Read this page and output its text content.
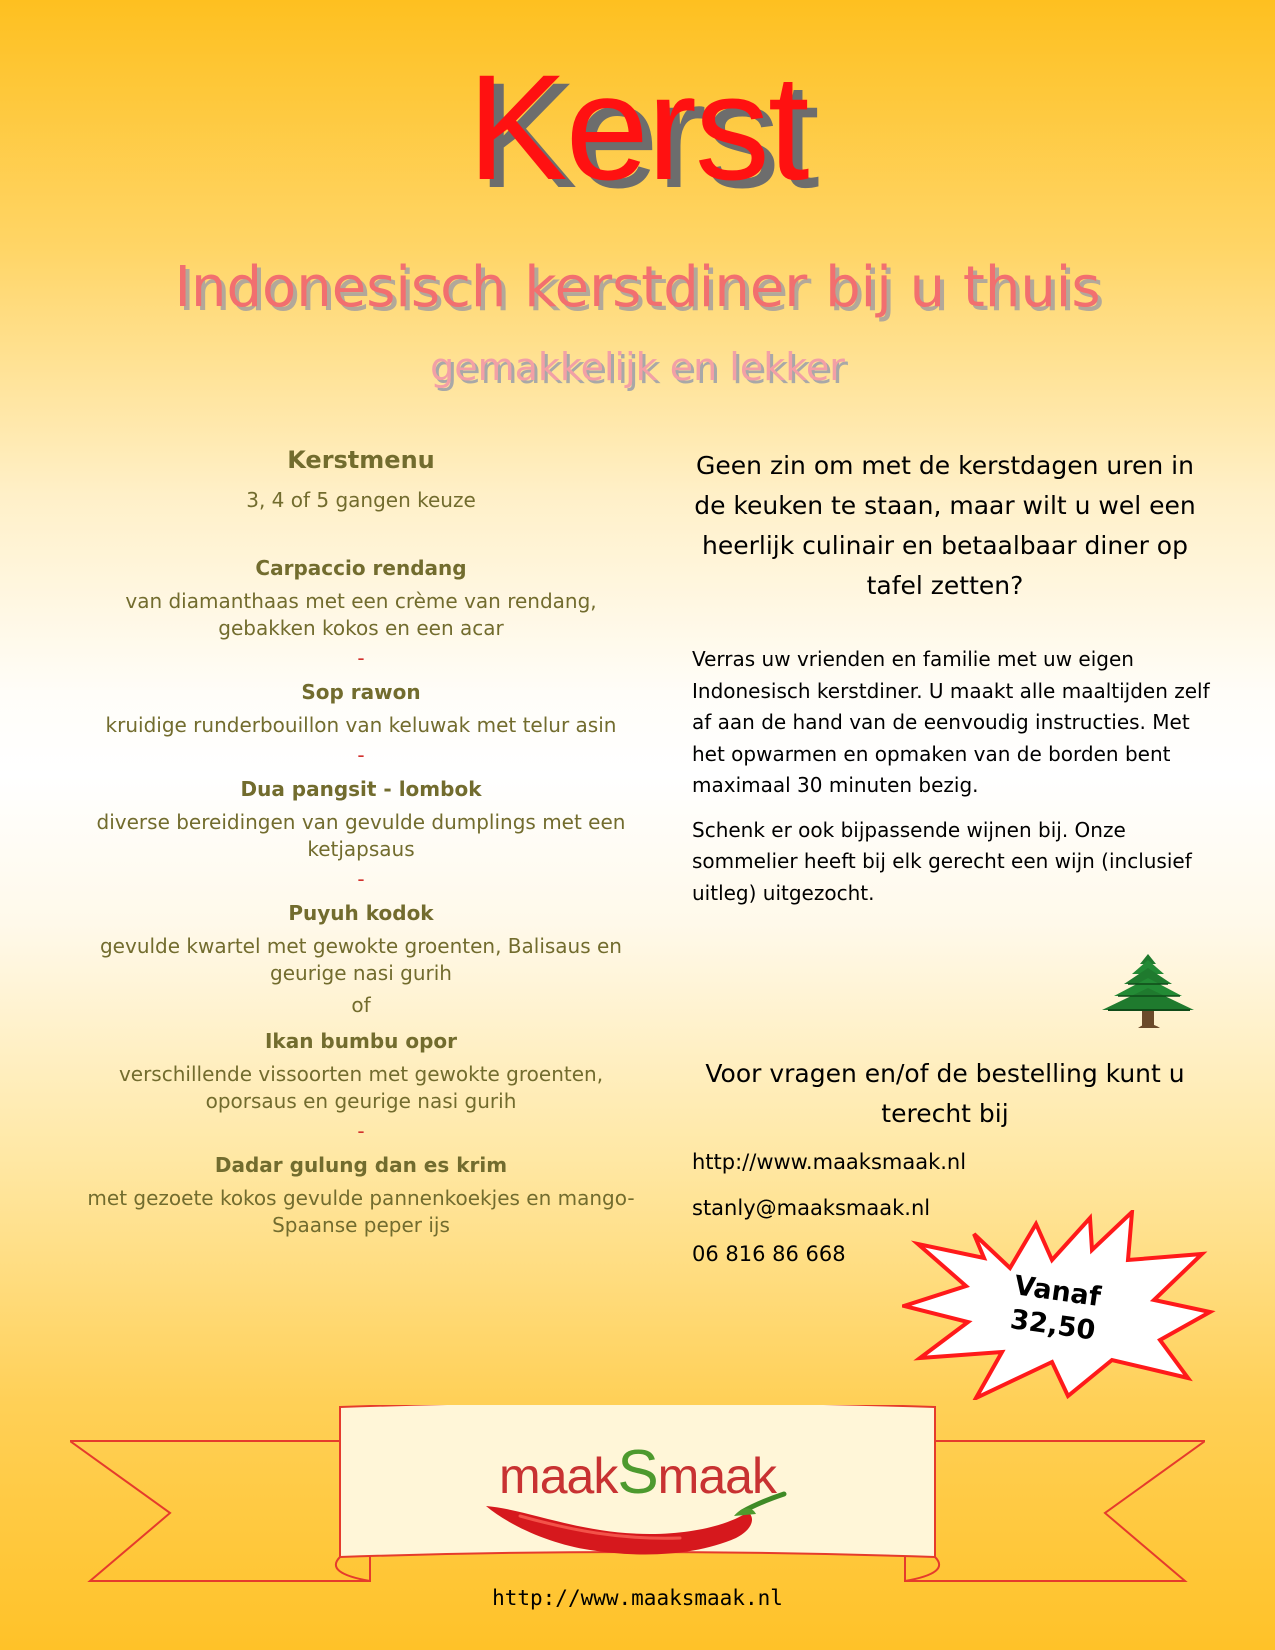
Kerst
Indonesisch kerstdiner bij u thuis
gemakkelijk en lekker
Kerstmenu
3, 4 of 5 gangen keuze
Carpaccio rendang
van diamanthaas met een crème van rendang, gebakken kokos en een acar
-
Sop rawon
kruidige runderbouillon van keluwak met telur asin
-
Dua pangsit - lombok
diverse bereidingen van gevulde dumplings met een ketjapsaus
-
Puyuh kodok
gevulde kwartel met gewokte groenten, Balisaus en geurige nasi gurih
of
Ikan bumbu opor
verschillende vissoorten met gewokte groenten, oporsaus en geurige nasi gurih
-
Dadar gulung dan es krim
met gezoete kokos gevulde pannenkoekjes en mango-Spaanse peper ijs
Geen zin om met de kerstdagen uren in de keuken te staan, maar wilt u wel een heerlijk culinair en betaalbaar diner op tafel zetten?

Verras uw vrienden en familie met uw eigen Indonesisch kerstdiner. U maakt alle maaltijden zelf af aan de hand van de eenvoudig instructies. Met het opwarmen en opmaken van de borden bent maximaal 30 minuten bezig.

Schenk er ook bijpassende wijnen bij. Onze sommelier heeft bij elk gerecht een wijn (inclusief uitleg) uitgezocht.

Voor vragen en/of de bestelling kunt u terecht bij
http://www.maaksmaak.nl
stanly@maaksmaak.nl
06 816 86 668
Vanaf
32,50
maakSmaak
http://www.maaksmaak.nl
